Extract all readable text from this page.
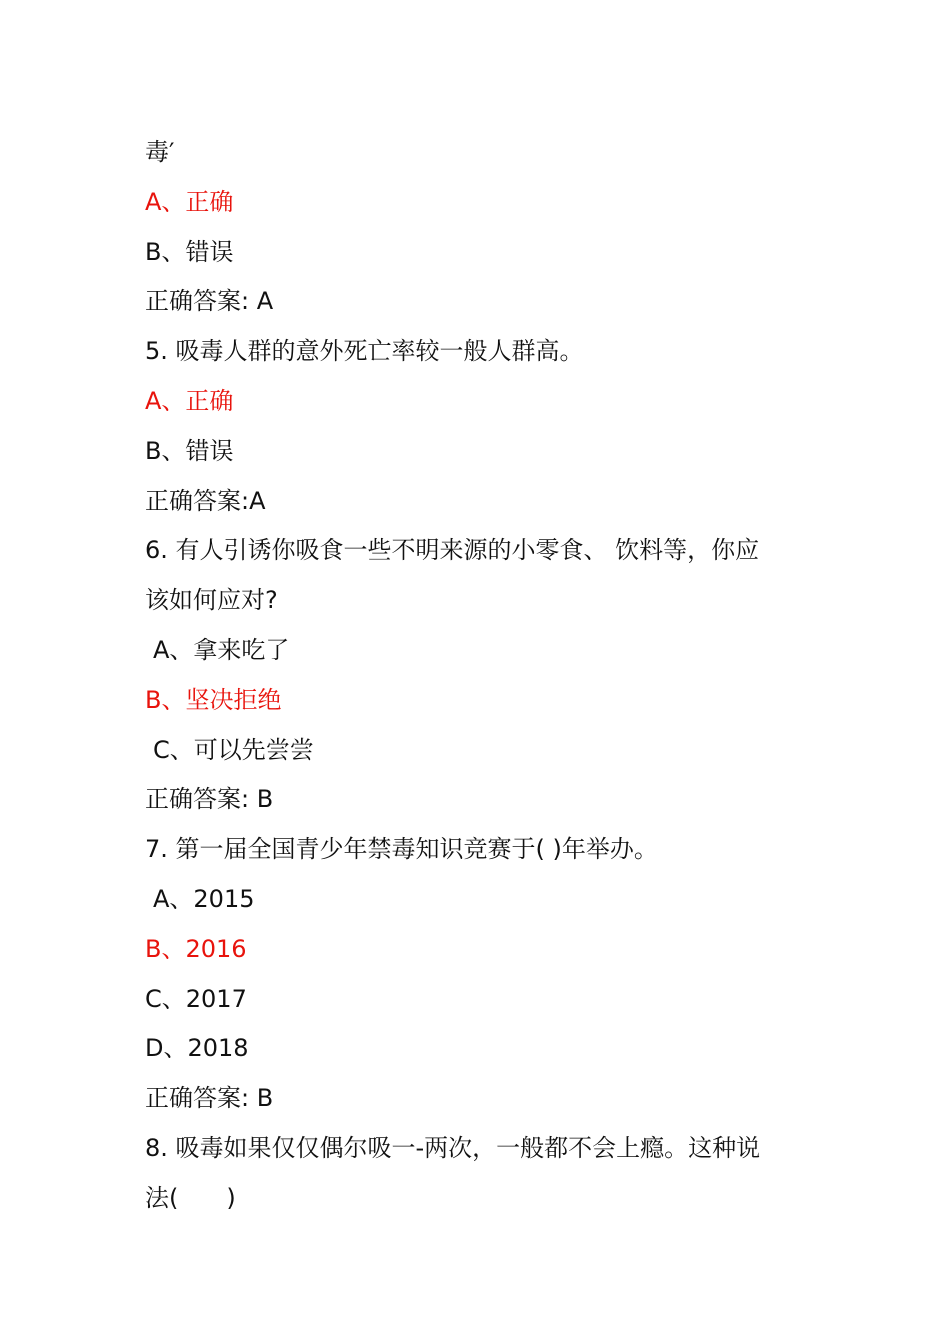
毒′
A、正确
B、错误
正确答案: A
5. 吸毒人群的意外死亡率较一般人群高。
A、正确
B、错误
正确答案:A
6. 有人引诱你吸食一些不明来源的小零食、 饮料等，你应
该如何应对?
A、拿来吃了
B、坚决拒绝
C、可以先尝尝
正确答案: B
7. 第一届全国青少年禁毒知识竞赛于( )年举办。
A、2015
B、2016
C、2017
D、2018
正确答案: B
8. 吸毒如果仅仅偶尔吸一-两次，一般都不会上瘾。这种说
法(　　)
